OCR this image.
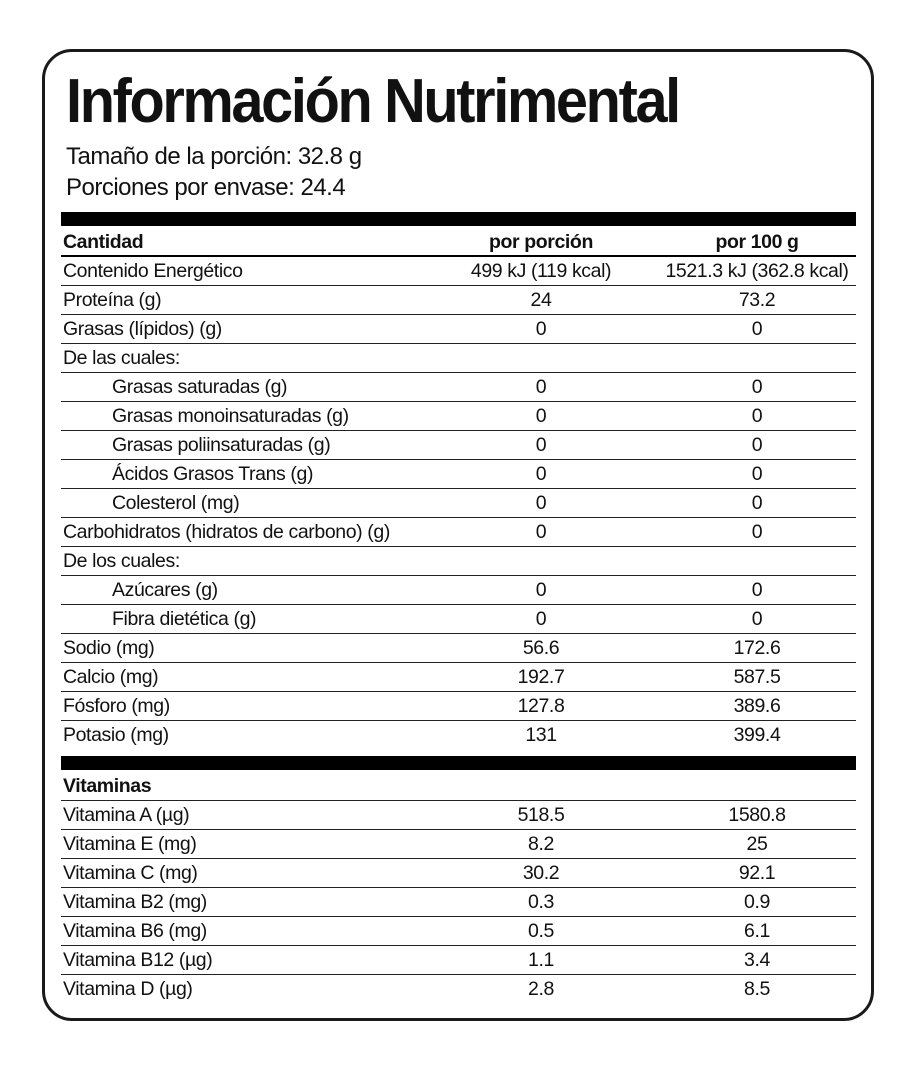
Información Nutrimental
Tamaño de la porción: 32.8 g
Porciones por envase: 24.4
Cantidad	por porción	por 100 g
Contenido Energético	499 kJ (119 kcal)	1521.3 kJ (362.8 kcal)
Proteína (g)	24	73.2
Grasas (lípidos) (g)	0	0
De las cuales:
Grasas saturadas (g)	0	0
Grasas monoinsaturadas (g)	0	0
Grasas poliinsaturadas (g)	0	0
Ácidos Grasos Trans (g)	0	0
Colesterol (mg)	0	0
Carbohidratos (hidratos de carbono) (g)	0	0
De los cuales:
Azúcares (g)	0	0
Fibra dietética (g)	0	0
Sodio (mg)	56.6	172.6
Calcio (mg)	192.7	587.5
Fósforo (mg)	127.8	389.6
Potasio (mg)	131	399.4
Vitaminas
Vitamina A (µg)	518.5	1580.8
Vitamina E (mg)	8.2	25
Vitamina C (mg)	30.2	92.1
Vitamina B2 (mg)	0.3	0.9
Vitamina B6 (mg)	0.5	6.1
Vitamina B12 (µg)	1.1	3.4
Vitamina D (µg)	2.8	8.5
